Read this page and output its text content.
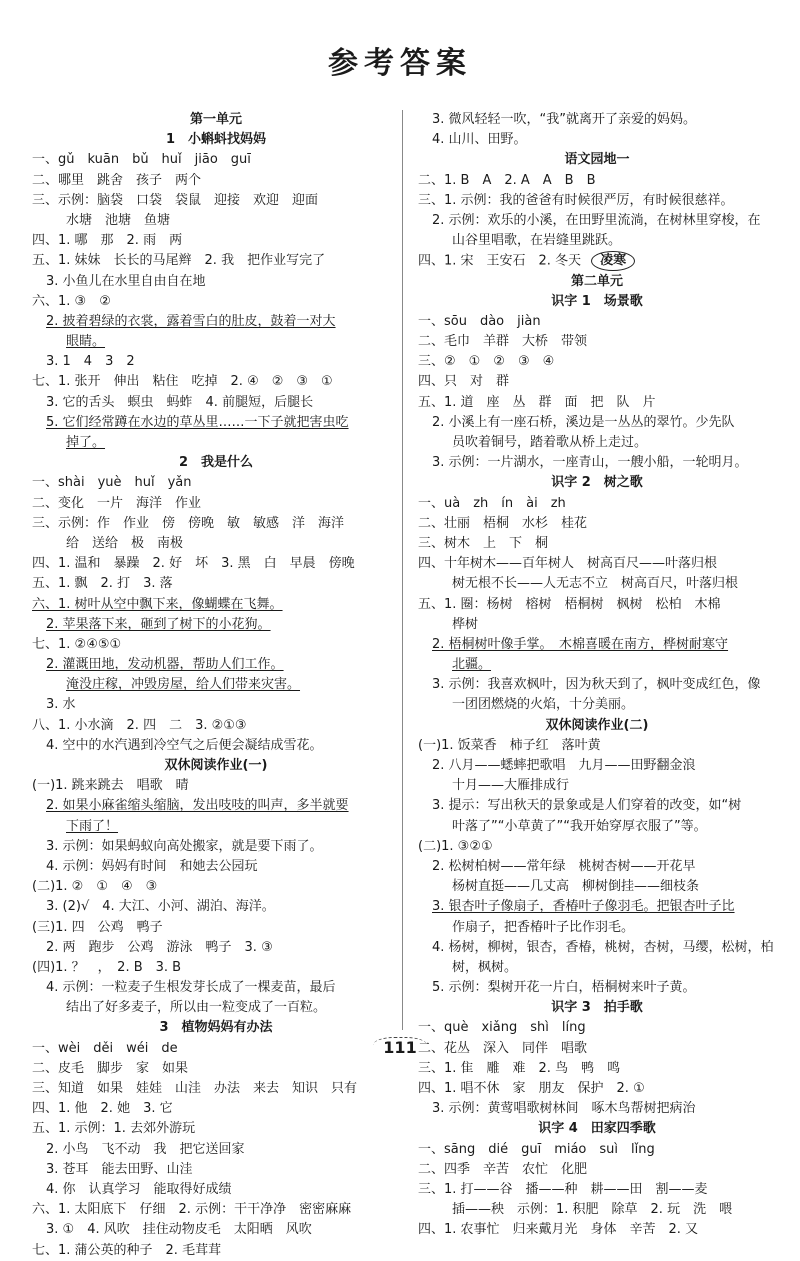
参考答案
第一单元
1　小蝌蚪找妈妈
一、gǔ　kuān　bǔ　huǐ　jiāo　guī
二、哪里　跳舍　孩子　两个
三、示例：脑袋　口袋　袋鼠　迎接　欢迎　迎面
水塘　池塘　鱼塘
四、1. 哪　那　2. 雨　两
五、1. 妹妹　长长的马尾辫　2. 我　把作业写完了
3. 小鱼儿在水里自由自在地
六、1. ③　②
2. 披着碧绿的衣裳，露着雪白的肚皮，鼓着一对大
眼睛。
3. 1　4　3　2
七、1. 张开　伸出　粘住　吃掉　2. ④　②　③　①
3. 它的舌头　螟虫　蚂蚱　4. 前腿短，后腿长
5. 它们经常蹲在水边的草丛里……一下子就把害虫吃
掉了。
2　我是什么
一、shài　yuè　huǐ　yǎn
二、变化　一片　海洋　作业
三、示例：作　作业　傍　傍晚　敏　敏感　洋　海洋
给　送给　极　南极
四、1. 温和　暴躁　2. 好　坏　3. 黑　白　早晨　傍晚
五、1. 飘　2. 打　3. 落
六、1. 树叶从空中飘下来，像蝴蝶在飞舞。
2. 苹果落下来，砸到了树下的小花狗。
七、1. ②④⑤①
2. 灌溉田地，发动机器，帮助人们工作。
淹没庄稼，冲毁房屋，给人们带来灾害。
3. 水
八、1. 小水滴　2. 四　二　3. ②①③
4. 空中的水汽遇到冷空气之后便会凝结成雪花。
双休阅读作业(一)
(一)1. 跳来跳去　唱歌　晴
2. 如果小麻雀缩头缩脑，发出吱吱的叫声，多半就要
下雨了！
3. 示例：如果蚂蚁向高处搬家，就是要下雨了。
4. 示例：妈妈有时间　和她去公园玩
(二)1. ②　①　④　③
3. (2)√　4. 大江、小河、湖泊、海洋。
(三)1. 四　公鸡　鸭子
2. 两　跑步　公鸡　游泳　鸭子　3. ③
(四)1. ？　，　2. B　3. B
4. 示例：一粒麦子生根发芽长成了一棵麦苗，最后
结出了好多麦子，所以由一粒变成了一百粒。
3　植物妈妈有办法
一、wèi　děi　wéi　de
二、皮毛　脚步　家　如果
三、知道　如果　娃娃　山洼　办法　来去　知识　只有
四、1. 他　2. 她　3. 它
五、1. 示例：1. 去郊外游玩
2. 小鸟　飞不动　我　把它送回家
3. 苍耳　能去田野、山洼
4. 你　认真学习　能取得好成绩
六、1. 太阳底下　仔细　2. 示例：干干净净　密密麻麻
3. ①　4. 风吹　挂住动物皮毛　太阳晒　风吹
七、1. 蒲公英的种子　2. 毛茸茸
3. 微风轻轻一吹，“我”就离开了亲爱的妈妈。
4. 山川、田野。
语文园地一
二、1. B　A　2. A　A　B　B
三、1. 示例：我的爸爸有时候很严厉，有时候很慈祥。
2. 示例：欢乐的小溪，在田野里流淌，在树林里穿梭，在
山谷里唱歌，在岩缝里跳跃。
四、1. 宋　王安石　2. 冬天 凌寒
第二单元
识字 1　场景歌
一、sōu　dào　jiàn
二、毛巾　羊群　大桥　带领
三、②　①　②　③　④
四、只　对　群
五、1. 道　座　丛　群　面　把　队　片
2. 小溪上有一座石桥，溪边是一丛丛的翠竹。少先队
员吹着铜号，踏着歌从桥上走过。
3. 示例：一片湖水，一座青山，一艘小船，一轮明月。
识字 2　树之歌
一、uà　zh　ín　ài　zh
二、壮丽　梧桐　水杉　桂花
三、树木　上　下　桐
四、十年树木——百年树人　树高百尺——叶落归根
树无根不长——人无志不立　树高百尺，叶落归根
五、1. 圈：杨树　榕树　梧桐树　枫树　松柏　木棉
桦树
2. 梧桐树叶像手掌。　木棉喜暖在南方，桦树耐寒守
北疆。
3. 示例：我喜欢枫叶，因为秋天到了，枫叶变成红色，像
一团团燃烧的火焰，十分美丽。
双休阅读作业(二)
(一)1. 饭菜香　柿子红　落叶黄
2. 八月——蟋蟀把歌唱　九月——田野翻金浪
十月——大雁排成行
3. 提示：写出秋天的景象或是人们穿着的改变，如“树
叶落了”“小草黄了”“我开始穿厚衣服了”等。
(二)1. ③②①
2. 松树柏树——常年绿　桃树杏树——开花早
杨树直挺——几丈高　柳树倒挂——细枝条
3. 银杏叶子像扇子，香椿叶子像羽毛。把银杏叶子比
作扇子，把香椿叶子比作羽毛。
4. 杨树，柳树，银杏，香椿，桃树，杏树，马缨，松树，柏
树，枫树。
5. 示例：梨树开花一片白，梧桐树来叶子黄。
识字 3　拍手歌
一、què　xiǎng　shì　líng
二、花丛　深入　同伴　唱歌
三、1. 隹　雕　难　2. 鸟　鸭　鸣
四、1. 唱不休　家　朋友　保护　2. ①
3. 示例：黄莺唱歌树林间　啄木鸟帮树把病治
识字 4　田家四季歌
一、sāng　dié　guī　miáo　suì　lǐng
二、四季　辛苦　农忙　化肥
三、1. 打——谷　播——种　耕——田　割——麦
插——秧　示例：1. 积肥　除草　2. 玩　洗　喂
四、1. 农事忙　归来戴月光　身体　辛苦　2. 又
111
